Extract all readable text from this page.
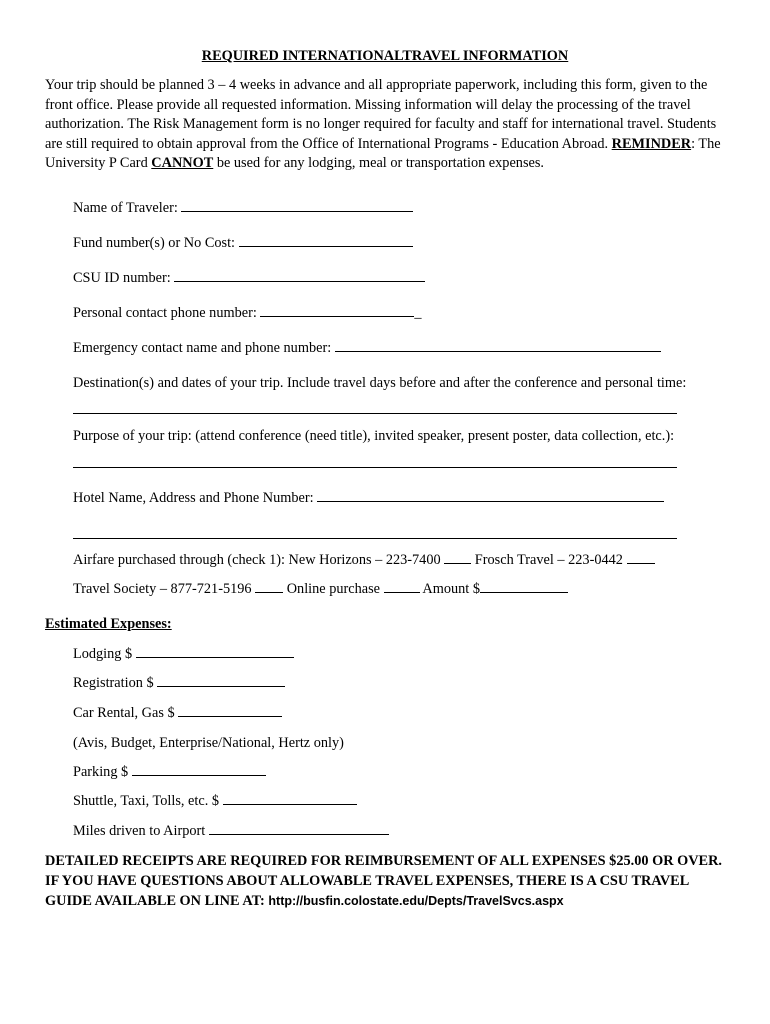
REQUIRED INTERNATIONALTRAVEL INFORMATION

Your trip should be planned 3 – 4 weeks in advance and all appropriate paperwork, including this form, given to the front office. Please provide all requested information. Missing information will delay the processing of the travel authorization. The Risk Management form is no longer required for faculty and staff for international travel. Students are still required to obtain approval from the Office of International Programs - Education Abroad. REMINDER: The University P Card CANNOT be used for any lodging, meal or transportation expenses.

Name of Traveler:
Fund number(s) or No Cost:
CSU ID number:
Personal contact phone number:	_
Emergency contact name and phone number:
Destination(s) and dates of your trip. Include travel days before and after the conference and personal time:
Purpose of your trip: (attend conference (need title), invited speaker, present poster, data collection, etc.):
Hotel Name, Address and Phone Number:
Airfare purchased through (check 1): New Horizons – 223-7400 Frosch Travel – 223-0442
Travel Society – 877-721-5196 Online purchase	Amount $
Estimated Expenses:
Lodging $
Registration $
Car Rental, Gas $
(Avis, Budget, Enterprise/National, Hertz only)
Parking $
Shuttle, Taxi, Tolls, etc. $
Miles driven to Airport

DETAILED RECEIPTS ARE REQUIRED FOR REIMBURSEMENT OF ALL EXPENSES $25.00 OR OVER. IF YOU HAVE QUESTIONS ABOUT ALLOWABLE TRAVEL EXPENSES, THERE IS A CSU TRAVEL GUIDE AVAILABLE ON LINE AT: http://busfin.colostate.edu/Depts/TravelSvcs.aspx
